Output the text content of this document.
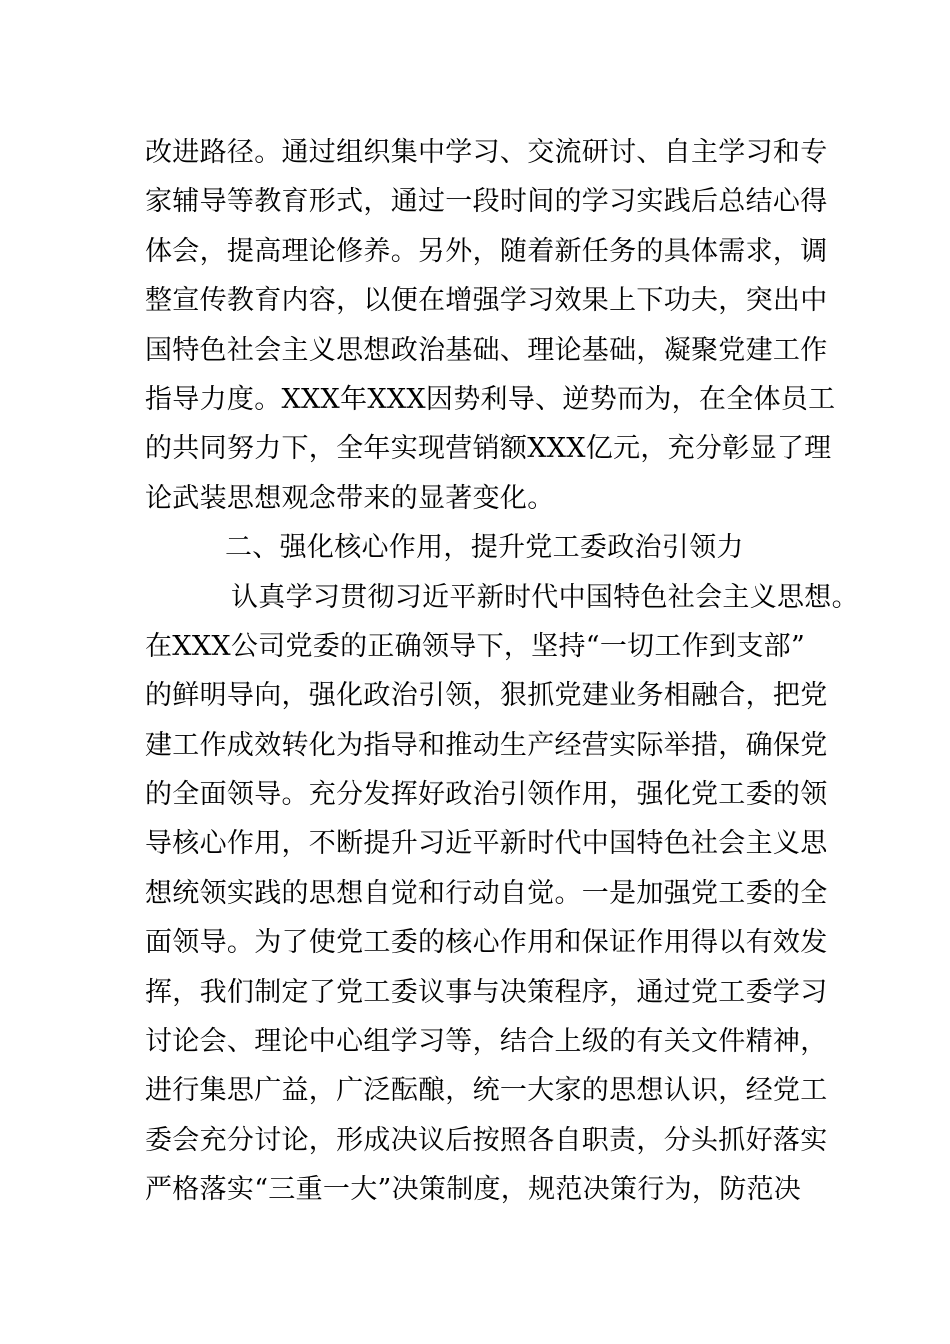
改进路径。通过组织集中学习、交流研讨、自主学习和专
家辅导等教育形式，通过一段时间的学习实践后总结心得
体会，提高理论修养。另外，随着新任务的具体需求，调
整宣传教育内容，以便在增强学习效果上下功夫，突出中
国特色社会主义思想政治基础、理论基础，凝聚党建工作
指导力度。XXX年XXX因势利导、逆势而为，在全体员工
的共同努力下，全年实现营销额XXX亿元，充分彰显了理
论武装思想观念带来的显著变化。
二、强化核心作用，提升党工委政治引领力
认真学习贯彻习近平新时代中国特色社会主义思想。
在XXX公司党委的正确领导下，坚持“一切工作到支部”
的鲜明导向，强化政治引领，狠抓党建业务相融合，把党
建工作成效转化为指导和推动生产经营实际举措，确保党
的全面领导。充分发挥好政治引领作用，强化党工委的领
导核心作用，不断提升习近平新时代中国特色社会主义思
想统领实践的思想自觉和行动自觉。一是加强党工委的全
面领导。为了使党工委的核心作用和保证作用得以有效发
挥，我们制定了党工委议事与决策程序，通过党工委学习
讨论会、理论中心组学习等，结合上级的有关文件精神，
进行集思广益，广泛酝酿，统一大家的思想认识，经党工
委会充分讨论，形成决议后按照各自职责，分头抓好落实
严格落实“三重一大”决策制度，规范决策行为，防范决
